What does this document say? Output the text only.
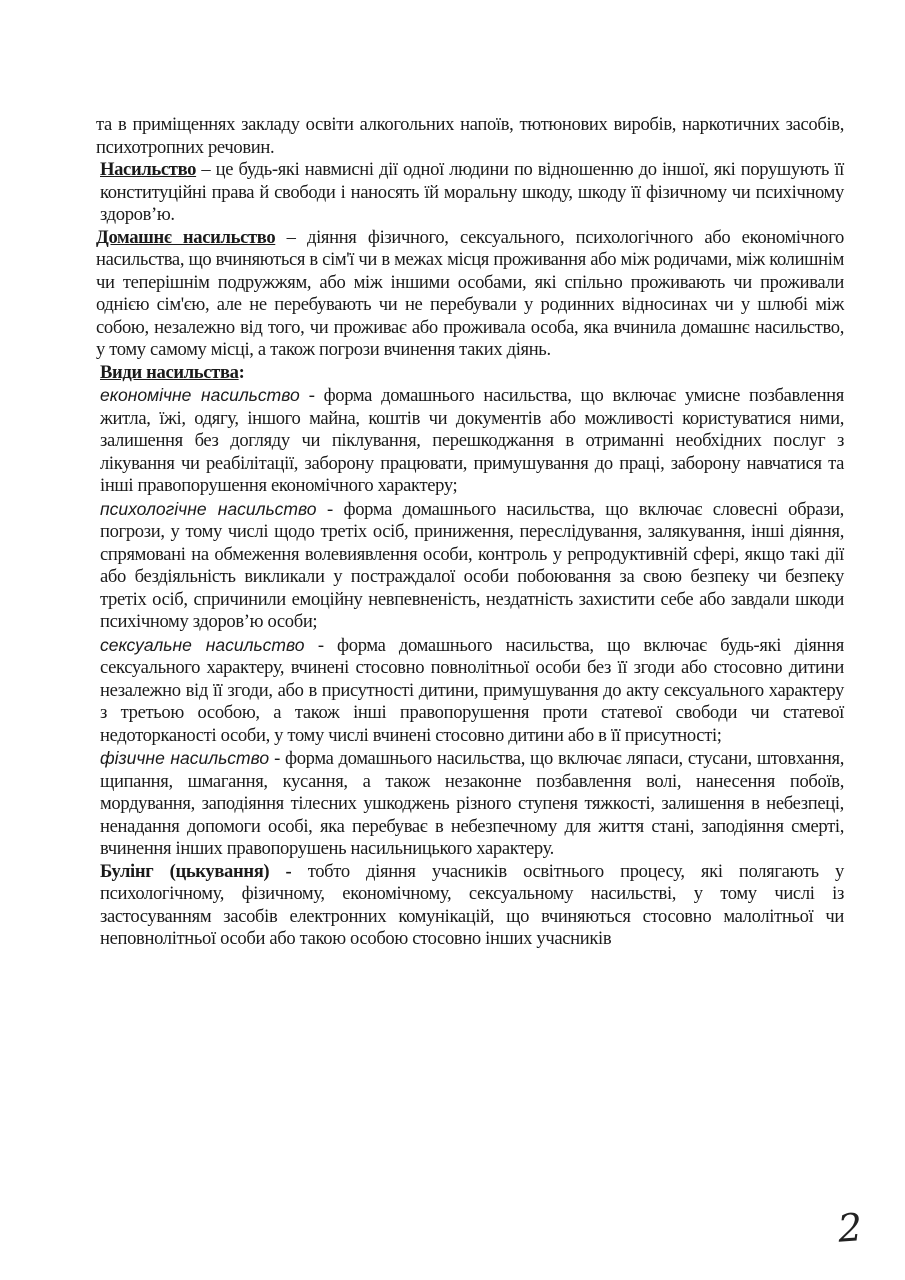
та в приміщеннях закладу освіти алкогольних напоїв, тютюнових виробів, наркотичних засобів, психотропних речовин.

Насильство – це будь-які навмисні дії одної людини по відношенню до іншої, які порушують її конституційні права й свободи і наносять їй моральну шкоду, шкоду її фізичному чи психічному здоров’ю.

Домашнє насильство – діяння фізичного, сексуального, психологічного або економічного насильства, що вчиняються в сім'ї чи в межах місця проживання або між родичами, між колишнім чи теперішнім подружжям, або між іншими особами, які спільно проживають чи проживали однією сім'єю, але не перебувають чи не перебували у родинних відносинах чи у шлюбі між собою, незалежно від того, чи проживає або проживала особа, яка вчинила домашнє насильство, у тому самому місці, а також погрози вчинення таких діянь.

Види насильства:

економічне насильство - форма домашнього насильства, що включає умисне позбавлення житла, їжі, одягу, іншого майна, коштів чи документів або можливості користуватися ними, залишення без догляду чи піклування, перешкоджання в отриманні необхідних послуг з лікування чи реабілітації, заборону працювати, примушування до праці, заборону навчатися та інші правопорушення економічного характеру;

психологічне насильство - форма домашнього насильства, що включає словесні образи, погрози, у тому числі щодо третіх осіб, приниження, переслідування, залякування, інші діяння, спрямовані на обмеження волевиявлення особи, контроль у репродуктивній сфері, якщо такі дії або бездіяльність викликали у постраждалої особи побоювання за свою безпеку чи безпеку третіх осіб, спричинили емоційну невпевненість, нездатність захистити себе або завдали шкоди психічному здоров’ю особи;

сексуальне насильство - форма домашнього насильства, що включає будь-які діяння сексуального характеру, вчинені стосовно повнолітньої особи без її згоди або стосовно дитини незалежно від її згоди, або в присутності дитини, примушування до акту сексуального характеру з третьою особою, а також інші правопорушення проти статевої свободи чи статевої недоторканості особи, у тому числі вчинені стосовно дитини або в її присутності;

фізичне насильство - форма домашнього насильства, що включає ляпаси, стусани, штовхання, щипання, шмагання, кусання, а також незаконне позбавлення волі, нанесення побоїв, мордування, заподіяння тілесних ушкоджень різного ступеня тяжкості, залишення в небезпеці, ненадання допомоги особі, яка перебуває в небезпечному для життя стані, заподіяння смерті, вчинення інших правопорушень насильницького характеру.

Булінг (цькування) - тобто діяння учасників освітнього процесу, які полягають у психологічному, фізичному, економічному, сексуальному насильстві, у тому числі із застосуванням засобів електронних комунікацій, що вчиняються стосовно малолітньої чи неповнолітньої особи або такою особою стосовно інших учасників

2
